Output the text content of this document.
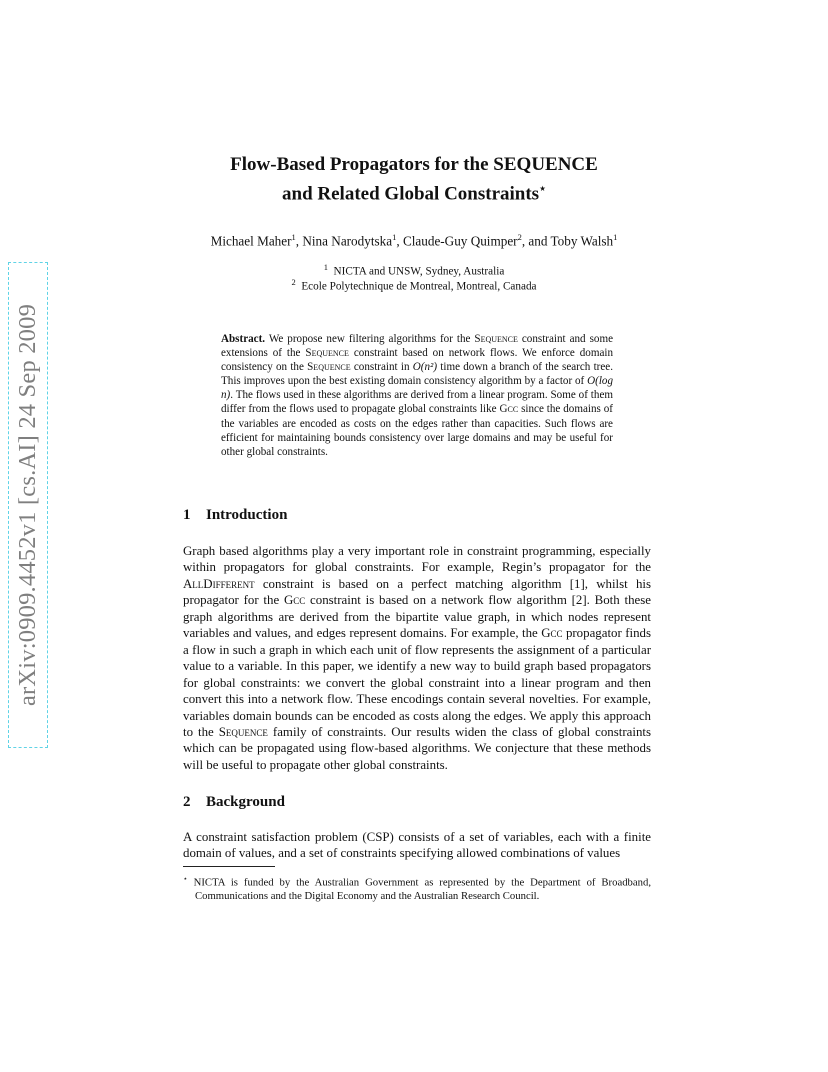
arXiv:0909.4452v1 [cs.AI] 24 Sep 2009
Flow-Based Propagators for the SEQUENCE
and Related Global Constraints⋆
Michael Maher$^1$, Nina Narodytska$^1$, Claude-Guy Quimper$^2$, and Toby Walsh$^1$
$^1$ NICTA and UNSW, Sydney, Australia
$^2$ Ecole Polytechnique de Montreal, Montreal, Canada
Abstract. We propose new filtering algorithms for the Sequence constraint and some extensions of the Sequence constraint based on network flows. We enforce domain consistency on the Sequence constraint in O(n²) time down a branch of the search tree. This improves upon the best existing domain consistency algorithm by a factor of O(log n). The flows used in these algorithms are derived from a linear program. Some of them differ from the flows used to propagate global constraints like Gcc since the domains of the variables are encoded as costs on the edges rather than capacities. Such flows are efficient for maintaining bounds consistency over large domains and may be useful for other global constraints.
1 Introduction
Graph based algorithms play a very important role in constraint programming, especially within propagators for global constraints. For example, Regin’s propagator for the AllDifferent constraint is based on a perfect matching algorithm [1], whilst his propagator for the Gcc constraint is based on a network flow algorithm [2]. Both these graph algorithms are derived from the bipartite value graph, in which nodes represent variables and values, and edges represent domains. For example, the Gcc propagator finds a flow in such a graph in which each unit of flow represents the assignment of a particular value to a variable. In this paper, we identify a new way to build graph based propagators for global constraints: we convert the global constraint into a linear program and then convert this into a network flow. These encodings contain several novelties. For example, variables domain bounds can be encoded as costs along the edges. We apply this approach to the Sequence family of constraints. Our results widen the class of global constraints which can be propagated using flow-based algorithms. We conjecture that these methods will be useful to propagate other global constraints.
2 Background
A constraint satisfaction problem (CSP) consists of a set of variables, each with a finite domain of values, and a set of constraints specifying allowed combinations of values
⋆ NICTA is funded by the Australian Government as represented by the Department of Broadband, Communications and the Digital Economy and the Australian Research Council.
